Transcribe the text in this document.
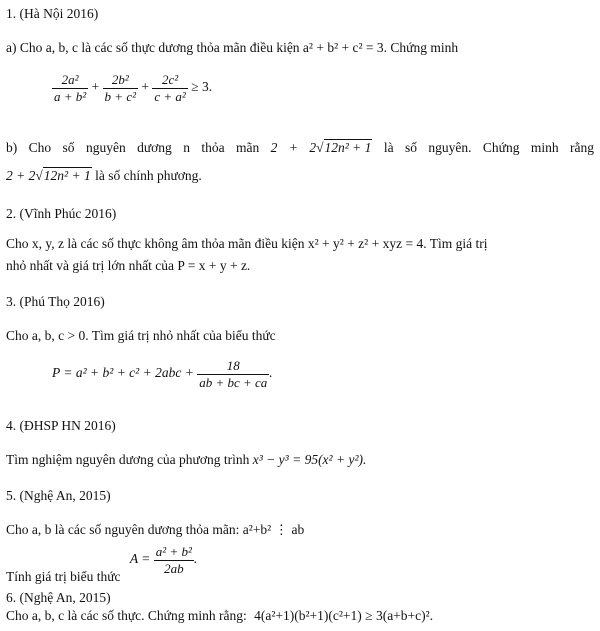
1. (Hà Nội 2016)
a) Cho a, b, c là các số thực dương thỏa mãn điều kiện a² + b² + c² = 3. Chứng minh
$\frac{\text{2a²}}{\text{a + b²}} + \frac{\text{2b²}}{\text{b + c²}} + \frac{\text{2c²}}{\text{c + a²}} \ge 3$.
b) Cho số nguyên dương n thỏa mãn 2 + 2√12n² + 1 là số nguyên. Chứng minh rằng
2 + 2√12n² + 1 là số chính phương.
2. (Vĩnh Phúc 2016)
Cho x, y, z là các số thực không âm thỏa mãn điều kiện x² + y² + z² + xyz = 4. Tìm giá trị
nhỏ nhất và giá trị lớn nhất của P = x + y + z.
3. (Phú Thọ 2016)
Cho a, b, c > 0. Tìm giá trị nhỏ nhất của biểu thức
$P = a^2 + b^2 + c^2 + 2abc + \frac{18}{ab + bc + ca}$ .
4. (ĐHSP HN 2016)
Tìm nghiệm nguyên dương của phương trình x³ − y³ = 95(x² + y²).
5. (Nghệ An, 2015)
Cho a, b là các số nguyên dương thỏa mãn: a²+b² ⋮ ab
Tính giá trị biểu thức $A = \frac{\text{a² + b²}}{2ab}$ .
6. (Nghệ An, 2015)
Cho a, b, c là các số thực. Chứng minh rằng: 4(a²+1)(b²+1)(c²+1) ≥ 3(a+b+c)².
